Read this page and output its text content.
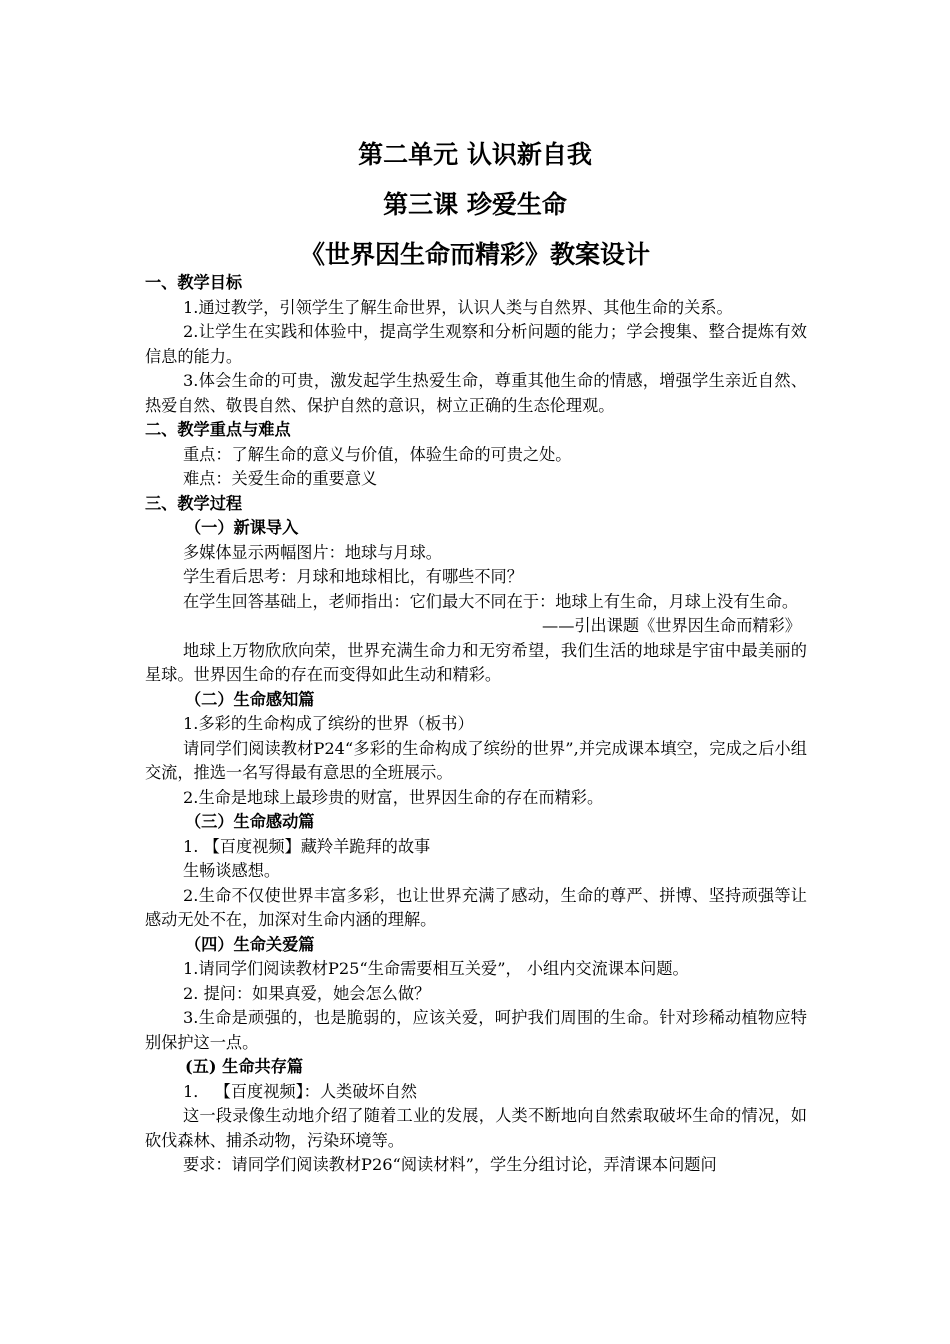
第二单元 认识新自我

第三课 珍爱生命

《世界因生命而精彩》教案设计

一、教学目标

1.通过教学，引领学生了解生命世界，认识人类与自然界、其他生命的关系。

2.让学生在实践和体验中，提高学生观察和分析问题的能力；学会搜集、整合提炼有效信息的能力。

3.体会生命的可贵，激发起学生热爱生命，尊重其他生命的情感，增强学生亲近自然、热爱自然、敬畏自然、保护自然的意识，树立正确的生态伦理观。

二、教学重点与难点

重点：了解生命的意义与价值，体验生命的可贵之处。

难点：关爱生命的重要意义

三、教学过程

（一）新课导入

多媒体显示两幅图片：地球与月球。

学生看后思考：月球和地球相比，有哪些不同？

在学生回答基础上，老师指出：它们最大不同在于：地球上有生命，月球上没有生命。

——引出课题《世界因生命而精彩》

地球上万物欣欣向荣，世界充满生命力和无穷希望，我们生活的地球是宇宙中最美丽的星球。世界因生命的存在而变得如此生动和精彩。

（二）生命感知篇

1.多彩的生命构成了缤纷的世界（板书）

请同学们阅读教材P24“多彩的生命构成了缤纷的世界”,并完成课本填空，完成之后小组交流，推选一名写得最有意思的全班展示。

2.生命是地球上最珍贵的财富，世界因生命的存在而精彩。

（三）生命感动篇

1. 【百度视频】藏羚羊跪拜的故事

生畅谈感想。

2.生命不仅使世界丰富多彩，也让世界充满了感动，生命的尊严、拼博、坚持顽强等让感动无处不在，加深对生命内涵的理解。

（四）生命关爱篇

1.请同学们阅读教材P25“生命需要相互关爱”， 小组内交流课本问题。

2. 提问：如果真爱，她会怎么做？

3.生命是顽强的，也是脆弱的，应该关爱，呵护我们周围的生命。针对珍稀动植物应特别保护这一点。

(五) 生命共存篇

1． 【百度视频】：人类破坏自然

这一段录像生动地介绍了随着工业的发展，人类不断地向自然索取破坏生命的情况，如砍伐森林、捕杀动物，污染环境等。

要求：请同学们阅读教材P26“阅读材料”，学生分组讨论，弄清课本问题问
